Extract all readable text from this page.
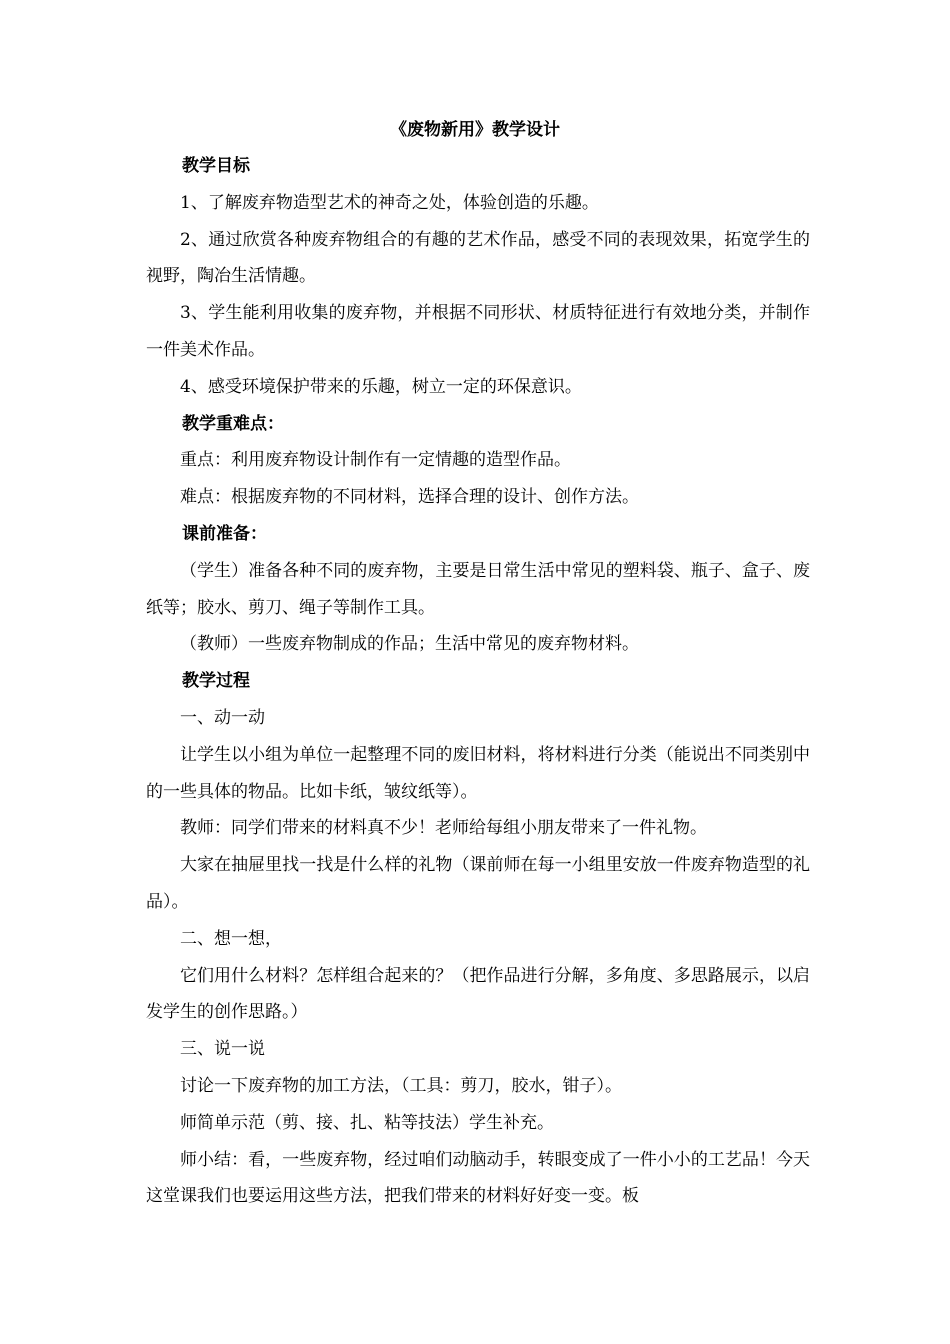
《废物新用》教学设计

教学目标

1、了解废弃物造型艺术的神奇之处，体验创造的乐趣。

2、通过欣赏各种废弃物组合的有趣的艺术作品，感受不同的表现效果，拓宽学生的视野，陶冶生活情趣。

3、学生能利用收集的废弃物，并根据不同形状、材质特征进行有效地分类，并制作一件美术作品。

4、感受环境保护带来的乐趣，树立一定的环保意识。

教学重难点：

重点：利用废弃物设计制作有一定情趣的造型作品。

难点：根据废弃物的不同材料，选择合理的设计、创作方法。

课前准备：

（学生）准备各种不同的废弃物，主要是日常生活中常见的塑料袋、瓶子、盒子、废纸等；胶水、剪刀、绳子等制作工具。

（教师）一些废弃物制成的作品；生活中常见的废弃物材料。

教学过程

一、动一动

让学生以小组为单位一起整理不同的废旧材料，将材料进行分类（能说出不同类别中的一些具体的物品。比如卡纸，皱纹纸等）。

教师：同学们带来的材料真不少！老师给每组小朋友带来了一件礼物。

大家在抽屉里找一找是什么样的礼物（课前师在每一小组里安放一件废弃物造型的礼品）。

二、想一想，

它们用什么材料？怎样组合起来的？（把作品进行分解，多角度、多思路展示，以启发学生的创作思路。）

三、说一说

讨论一下废弃物的加工方法，（工具：剪刀，胶水，钳子）。

师简单示范（剪、接、扎、粘等技法）学生补充。

师小结：看，一些废弃物，经过咱们动脑动手，转眼变成了一件小小的工艺品！今天这堂课我们也要运用这些方法，把我们带来的材料好好变一变。板
